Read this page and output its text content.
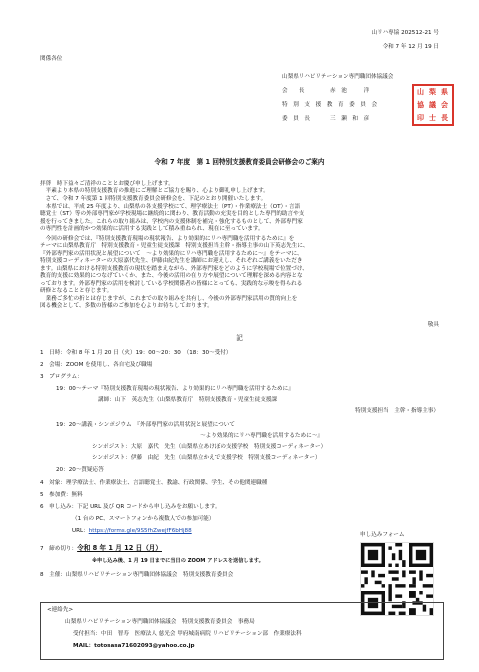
山リハ専協 202512-21 号
令和 7 年 12 月 19 日
関係各位
山梨県リハビリテーション専門職団体協議会
会　　長	赤　池　　　洋
特　別　支　援　教　育　委　員　会
委　員　長	三　瀬　和　彦
山 梨 県
協 議 会
印 士 長
令和 7 年度　第 1 回特別支援教育委員会研修会のご案内

拝啓　時下益々ご清祥のこととお慶び申し上げます。

平素より本県の特別支援教育の推進にご理解とご協力を賜り、心より御礼申し上げます。

さて、令和 7 年度第 1 回特別支援教育委員会研修会を、下記のとおり開催いたします。

本県では、平成 25 年度より、山梨県の各支援学校にて、理学療法士（PT）・作業療法士（OT）・言語

聴覚士（ST）等の外部専門家が学校現場に継続的に関わり、教育活動の充実を目的とした専門的助言や支

援を行ってきました。これらの取り組みは、学校内の支援体制を補完・強化するものとして、外部専門家

の専門性を計画的かつ効果的に活用する実践として積み重ねられ、現在に至っています。

今回の研修会では、『特別支援教育現場の現状報告、より効果的にリハ専門職を活用するために』を

テーマに山梨県教育庁　特別支援教育・児童生徒支援課　特別支援担当主幹・指導主事の山下英志先生に、

『外部専門家の活用状況と展望について　～より効果的にリハ専門職を活用するために～』をテーマに、

特別支援コーディネーターの大原嘉代先生、伊藤由紀先生を講師にお迎えし、それぞれご講義をいただき

ます。山梨県における特別支援教育の現状を踏まえながら、外部専門家をどのように学校現場で位置づけ、

教育的支援に効果的につなげていくか、また、今後の活用の在り方や展望について理解を深める内容とな

っております。外部専門家の活用を検討している学校関係者の皆様にとっても、実践的な示唆を得られる

研修となることと存じます。

業務ご多忙の折とは存じますが、これまでの取り組みを共有し、今後の外部専門家活用の質的向上を

図る機会として、多数の皆様のご参加を心よりお待ちしております。

敬具
記
1　日時：令和 8 年 1 月 20 日（火）19：00～20：30　（18：30～受付）
2　会場：ZOOM を使用し、各自宅及び職場
3　プログラム：
19：00～テーマ『特別支援教育現場の現状報告、より効果的にリハ専門職を活用するために』
講師：山下　英志先生（山梨県教育庁　特別支援教育・児童生徒支援課
特別支援担当　主幹・指導主事）
19：20～講義・シンポジウム　『外部専門家の活用状況と展望について
～より効果的にリハ専門職を活用するために～』
シンポジスト：大原　嘉代　先生（山梨県立あけぼの支援学校　特別支援コーディネーター）
シンポジスト：伊藤　由紀　先生（山梨県立かえで支援学校　特別支援コーディネーター）
20：20～質疑応答
4　対象：理学療法士、作業療法士、言語聴覚士、教諭、行政関係、学生、その他関連職種
5　参加費：無料
6　申し込み：下記 URL 及び QR コードから申し込みをお願いします。
（1 台の PC、スマートフォンから複数人での参加可能）
URL：https://forms.gle/9S5fhZwejfF6bHj88
7　締め切り：令和 8 年 1 月 12 日（月）
※申し込み後、1 月 19 日までに当日の ZOOM アドレスを送信します。
8　主催：山梨県リハビリテーション専門職団体協議会　特別支援教育委員会
申し込みフォーム
<連絡先>
山梨県リハビリテーション専門職団体協議会　特別支援教育委員会　事務局
受付担当：中田　智寿　医療法人 慈光会 甲府城南病院 リハビリテーション部　作業療法科
MAIL：totosasa71602093@yahoo.co.jp
